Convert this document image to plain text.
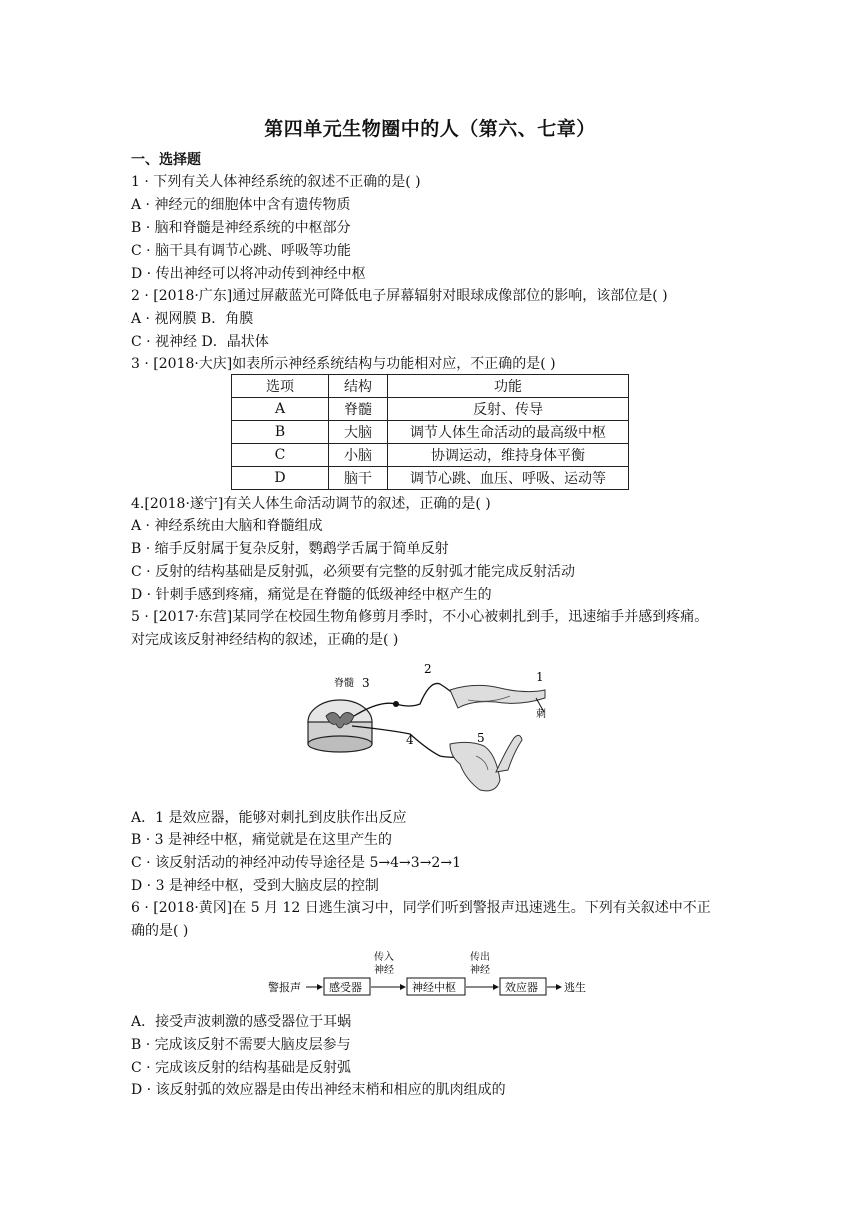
第四单元生物圈中的人（第六、七章）
一、选择题
1 · 下列有关人体神经系统的叙述不正确的是( )
A · 神经元的细胞体中含有遗传物质
B · 脑和脊髓是神经系统的中枢部分
C · 脑干具有调节心跳、呼吸等功能
D · 传出神经可以将冲动传到神经中枢
2 · [2018·广东]通过屏蔽蓝光可降低电子屏幕辐射对眼球成像部位的影响，该部位是( )
A · 视网膜 B．角膜
C · 视神经 D．晶状体
3 · [2018·大庆]如表所示神经系统结构与功能相对应，不正确的是( )
选项	结构	功能
A	脊髓	反射、传导
B	大脑	调节人体生命活动的最高级中枢
C	小脑	协调运动，维持身体平衡
D	脑干	调节心跳、血压、呼吸、运动等
4.[2018·遂宁]有关人体生命活动调节的叙述，正确的是( )
A · 神经系统由大脑和脊髓组成
B · 缩手反射属于复杂反射，鹦鹉学舌属于简单反射
C · 反射的结构基础是反射弧，必须要有完整的反射弧才能完成反射活动
D · 针刺手感到疼痛，痛觉是在脊髓的低级神经中枢产生的
5 · [2017·东营]某同学在校园生物角修剪月季时，不小心被刺扎到手，迅速缩手并感到疼痛。
对完成该反射神经结构的叙述，正确的是( )
脊髓 3
2
1
刺
4	5
A．1 是效应器，能够对刺扎到皮肤作出反应
B · 3 是神经中枢，痛觉就是在这里产生的
C · 该反射活动的神经冲动传导途径是 5→4→3→2→1
D · 3 是神经中枢，受到大脑皮层的控制
6 · [2018·黄冈]在 5 月 12 日逃生演习中，同学们听到警报声迅速逃生。下列有关叙述中不正
确的是( )
警报声	感受器
传入
神经
神经中枢
传出
神经
效应器 逃生
A．接受声波刺激的感受器位于耳蜗
B · 完成该反射不需要大脑皮层参与
C · 完成该反射的结构基础是反射弧
D · 该反射弧的效应器是由传出神经末梢和相应的肌肉组成的
